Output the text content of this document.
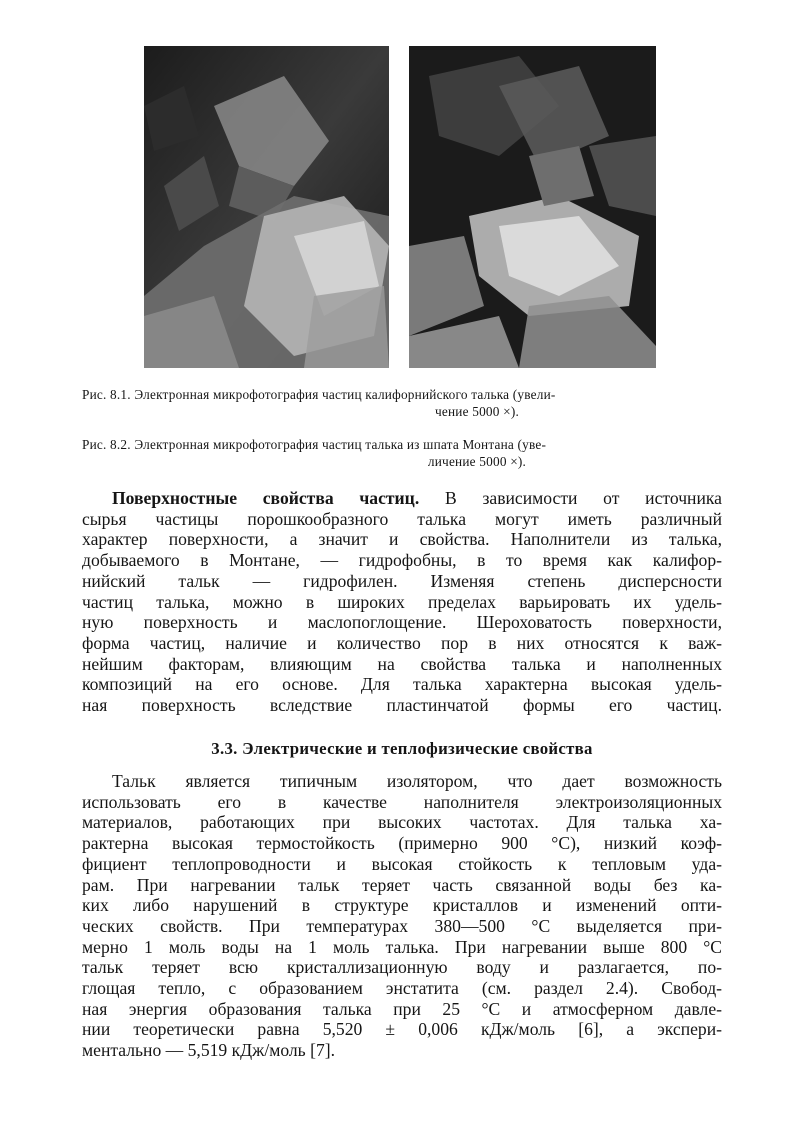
Рис. 8.1. Электронная микрофотография частиц калифорнийского талька (увели-
чение 5000 ×).
Рис. 8.2. Электронная микрофотография частиц талька из шпата Монтана (уве-
личение 5000 ×).
Поверхностные свойства частиц. В зависимости от источника
сырья частицы порошкообразного талька могут иметь различный
характер поверхности, а значит и свойства. Наполнители из талька,
добываемого в Монтане, — гидрофобны, в то время как калифор-
нийский тальк — гидрофилен. Изменяя степень дисперсности
частиц талька, можно в широких пределах варьировать их удель-
ную поверхность и маслопоглощение. Шероховатость поверхности,
форма частиц, наличие и количество пор в них относятся к важ-
нейшим факторам, влияющим на свойства талька и наполненных
композиций на его основе. Для талька характерна высокая удель-
ная поверхность вследствие пластинчатой формы его частиц.
3.3. Электрические и теплофизические свойства
Тальк является типичным изолятором, что дает возможность
использовать его в качестве наполнителя электроизоляционных
материалов, работающих при высоких частотах. Для талька ха-
рактерна высокая термостойкость (примерно 900 °С), низкий коэф-
фициент теплопроводности и высокая стойкость к тепловым уда-
рам. При нагревании тальк теряет часть связанной воды без ка-
ких либо нарушений в структуре кристаллов и изменений опти-
ческих свойств. При температурах 380—500 °С выделяется при-
мерно 1 моль воды на 1 моль талька. При нагревании выше 800 °С
тальк теряет всю кристаллизационную воду и разлагается, по-
глощая тепло, с образованием энстатита (см. раздел 2.4). Свобод-
ная энергия образования талька при 25 °С и атмосферном давле-
нии теоретически равна 5,520 ± 0,006 кДж/моль [6], а экспери-
ментально — 5,519 кДж/моль [7].
